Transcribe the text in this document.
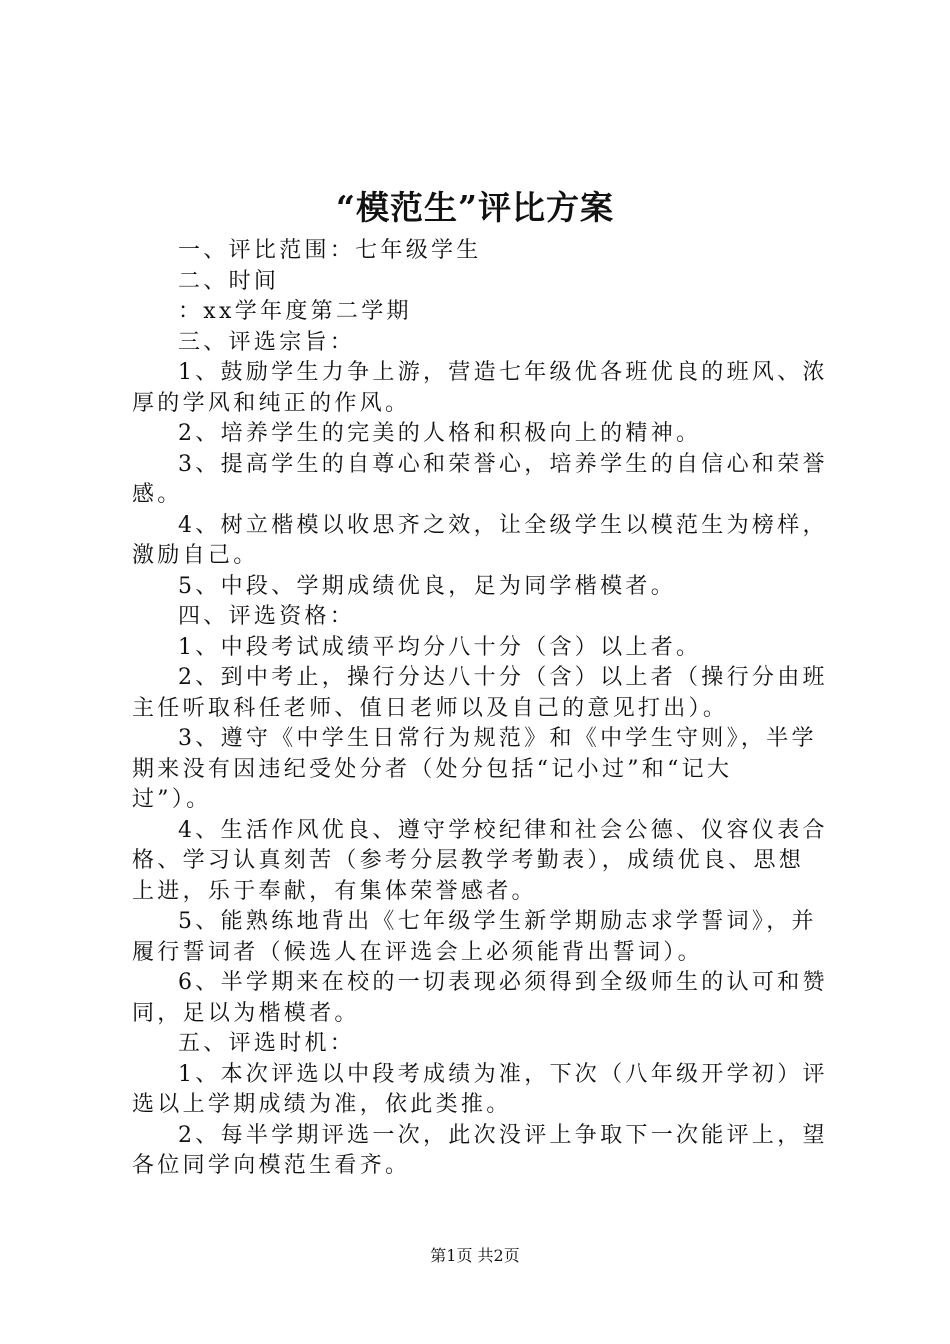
“模范生”评比方案
一、评比范围：七年级学生
二、时间
：xx学年度第二学期
三、评选宗旨：
1、鼓励学生力争上游，营造七年级优各班优良的班风、浓
厚的学风和纯正的作风。
2、培养学生的完美的人格和积极向上的精神。
3、提高学生的自尊心和荣誉心，培养学生的自信心和荣誉
感。
4、树立楷模以收思齐之效，让全级学生以模范生为榜样，
激励自己。
5、中段、学期成绩优良，足为同学楷模者。
四、评选资格：
1、中段考试成绩平均分八十分（含）以上者。
2、到中考止，操行分达八十分（含）以上者（操行分由班
主任听取科任老师、值日老师以及自己的意见打出）。
3、遵守《中学生日常行为规范》和《中学生守则》，半学
期来没有因违纪受处分者（处分包括“记小过”和“记大
过”）。
4、生活作风优良、遵守学校纪律和社会公德、仪容仪表合
格、学习认真刻苦（参考分层教学考勤表），成绩优良、思想
上进，乐于奉献，有集体荣誉感者。
5、能熟练地背出《七年级学生新学期励志求学誓词》，并
履行誓词者（候选人在评选会上必须能背出誓词）。
6、半学期来在校的一切表现必须得到全级师生的认可和赞
同，足以为楷模者。
五、评选时机：
1、本次评选以中段考成绩为准，下次（八年级开学初）评
选以上学期成绩为准，依此类推。
2、每半学期评选一次，此次没评上争取下一次能评上，望
各位同学向模范生看齐。
第1页 共2页
